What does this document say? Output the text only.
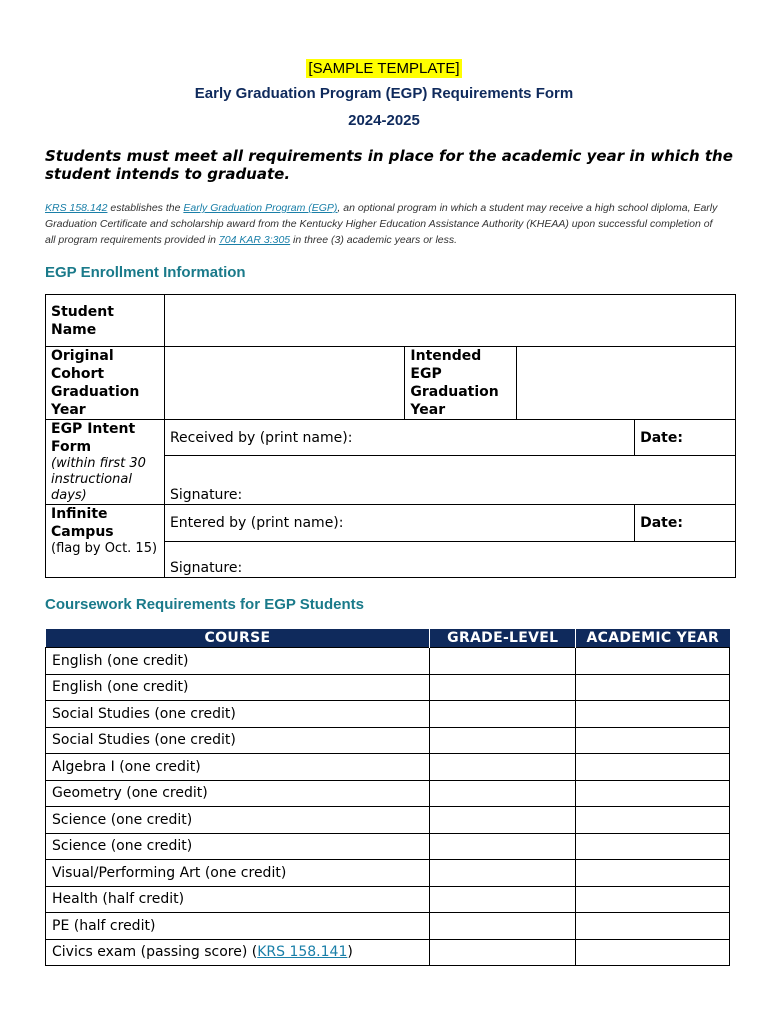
[SAMPLE TEMPLATE]
Early Graduation Program (EGP) Requirements Form
2024-2025
Students must meet all requirements in place for the academic year in which the student intends to graduate.
KRS 158.142 establishes the Early Graduation Program (EGP), an optional program in which a student may receive a high school diploma, Early Graduation Certificate and scholarship award from the Kentucky Higher Education Assistance Authority (KHEAA) upon successful completion of all program requirements provided in 704 KAR 3:305 in three (3) academic years or less.
EGP Enrollment Information
Student Name				
Original Cohort Graduation Year		Intended EGP Graduation Year		
EGP Intent Form
(within first 30 instructional days)	Received by (print name):			Date:
	Signature:			
Infinite Campus
(flag by Oct. 15)	Entered by (print name):			Date:
	Signature:			
Coursework Requirements for EGP Students
COURSE	GRADE-LEVEL	ACADEMIC YEAR
English (one credit)		
English (one credit)		
Social Studies (one credit)		
Social Studies (one credit)		
Algebra I (one credit)		
Geometry (one credit)		
Science (one credit)		
Science (one credit)		
Visual/Performing Art (one credit)		
Health (half credit)		
PE (half credit)		
Civics exam (passing score) (KRS 158.141)		
